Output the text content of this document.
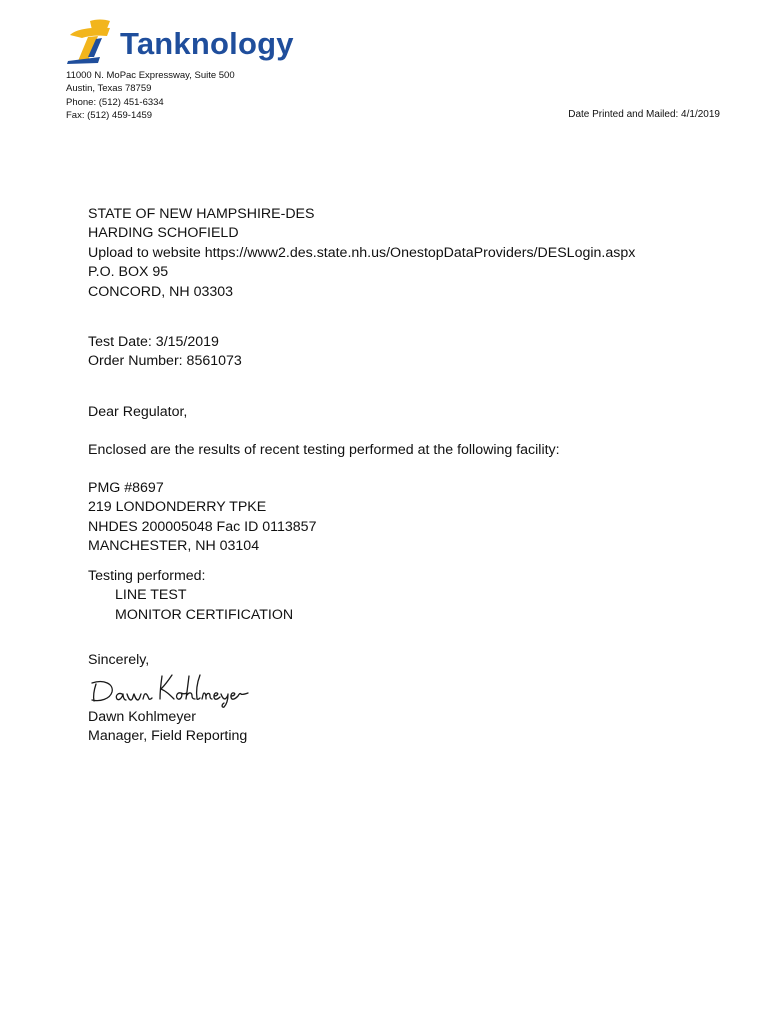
Tanknology
11000 N. MoPac Expressway, Suite 500
Austin, Texas 78759
Phone: (512) 451-6334
Fax: (512) 459-1459	Date Printed and Mailed: 4/1/2019
STATE OF NEW HAMPSHIRE-DES
HARDING SCHOFIELD
Upload to website https://www2.des.state.nh.us/OnestopDataProviders/DESLogin.aspx
P.O. BOX 95
CONCORD, NH 03303
Test Date: 3/15/2019
Order Number: 8561073
Dear Regulator,
Enclosed are the results of recent testing performed at the following facility:
PMG #8697
219 LONDONDERRY TPKE
NHDES 200005048 Fac ID 0113857
MANCHESTER, NH 03104
Testing performed:
LINE TEST
MONITOR CERTIFICATION
Sincerely,
Dawn Kohlmeyer
Manager, Field Reporting
